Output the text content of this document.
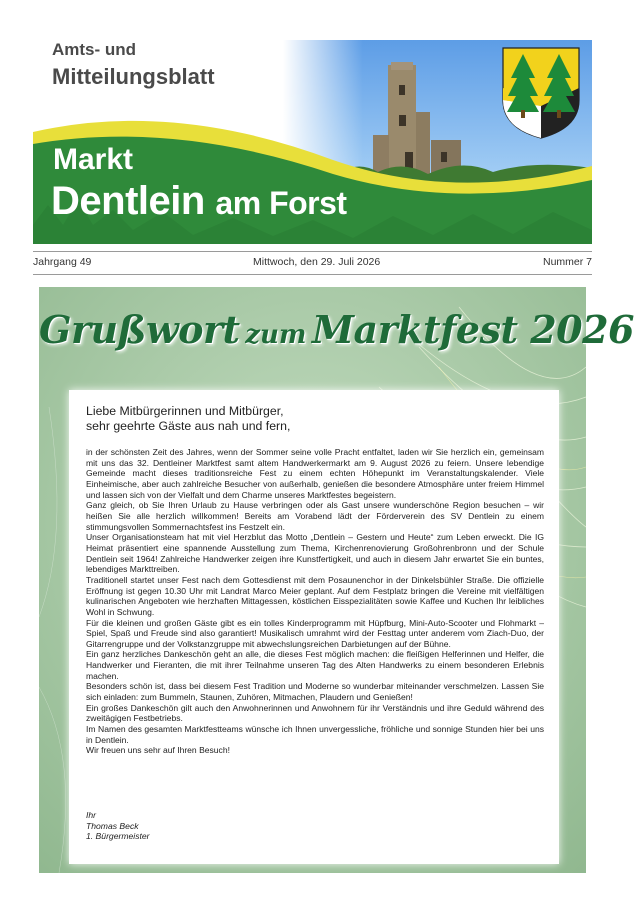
Amts- und
Mitteilungsblatt
Markt
Dentlein am Forst
Jahrgang 49	Mittwoch, den 29. Juli 2026	Nummer 7
Grußwort zum Marktfest 2026
Liebe Mitbürgerinnen und Mitbürger,
sehr geehrte Gäste aus nah und fern,

in der schönsten Zeit des Jahres, wenn der Sommer seine volle Pracht entfaltet, laden wir Sie herzlich ein, gemeinsam mit uns das 32. Dentleiner Marktfest samt altem Handwerkermarkt am 9. August 2026 zu feiern. Unsere lebendige Gemeinde macht dieses traditionsreiche Fest zu einem echten Höhepunkt im Veranstaltungskalender. Viele Einheimische, aber auch zahlreiche Besucher von außerhalb, genießen die besondere Atmosphäre unter freiem Himmel und lassen sich von der Vielfalt und dem Charme unseres Marktfestes begeistern.

Ganz gleich, ob Sie Ihren Urlaub zu Hause verbringen oder als Gast unsere wunderschöne Region besuchen – wir heißen Sie alle herzlich willkommen! Bereits am Vorabend lädt der Förderverein des SV Dentlein zu einem stimmungsvollen Sommernachtsfest ins Festzelt ein.

Unser Organisationsteam hat mit viel Herzblut das Motto „Dentlein – Gestern und Heute“ zum Leben erweckt. Die IG Heimat präsentiert eine spannende Ausstellung zum Thema, Kirchenrenovierung Großohrenbronn und der Schule Dentlein seit 1964! Zahlreiche Handwerker zeigen ihre Kunstfertigkeit, und auch in diesem Jahr erwartet Sie ein buntes, lebendiges Markttreiben.

Traditionell startet unser Fest nach dem Gottesdienst mit dem Posaunenchor in der Dinkelsbühler Straße. Die offizielle Eröffnung ist gegen 10.30 Uhr mit Landrat Marco Meier geplant. Auf dem Festplatz bringen die Vereine mit vielfältigen kulinarischen Angeboten wie herzhaften Mittagessen, köstlichen Eisspezialitäten sowie Kaffee und Kuchen Ihr leibliches Wohl in Schwung.

Für die kleinen und großen Gäste gibt es ein tolles Kinderprogramm mit Hüpfburg, Mini-Auto-Scooter und Flohmarkt – Spiel, Spaß und Freude sind also garantiert! Musikalisch umrahmt wird der Festtag unter anderem vom Ziach-Duo, der Gitarrengruppe und der Volkstanzgruppe mit abwechslungsreichen Darbietungen auf der Bühne.

Ein ganz herzliches Dankeschön geht an alle, die dieses Fest möglich machen: die fleißigen Helferinnen und Helfer, die Handwerker und Fieranten, die mit ihrer Teilnahme unseren Tag des Alten Handwerks zu einem besonderen Erlebnis machen.

Besonders schön ist, dass bei diesem Fest Tradition und Moderne so wunderbar miteinander verschmelzen. Lassen Sie sich einladen: zum Bummeln, Staunen, Zuhören, Mitmachen, Plaudern und Genießen!

Ein großes Dankeschön gilt auch den Anwohnerinnen und Anwohnern für ihr Verständnis und ihre Geduld während des zweitägigen Festbetriebs.

Im Namen des gesamten Marktfestteams wünsche ich Ihnen unvergessliche, fröhliche und sonnige Stunden hier bei uns in Dentlein.

Wir freuen uns sehr auf Ihren Besuch!

Ihr
Thomas Beck
1. Bürgermeister
